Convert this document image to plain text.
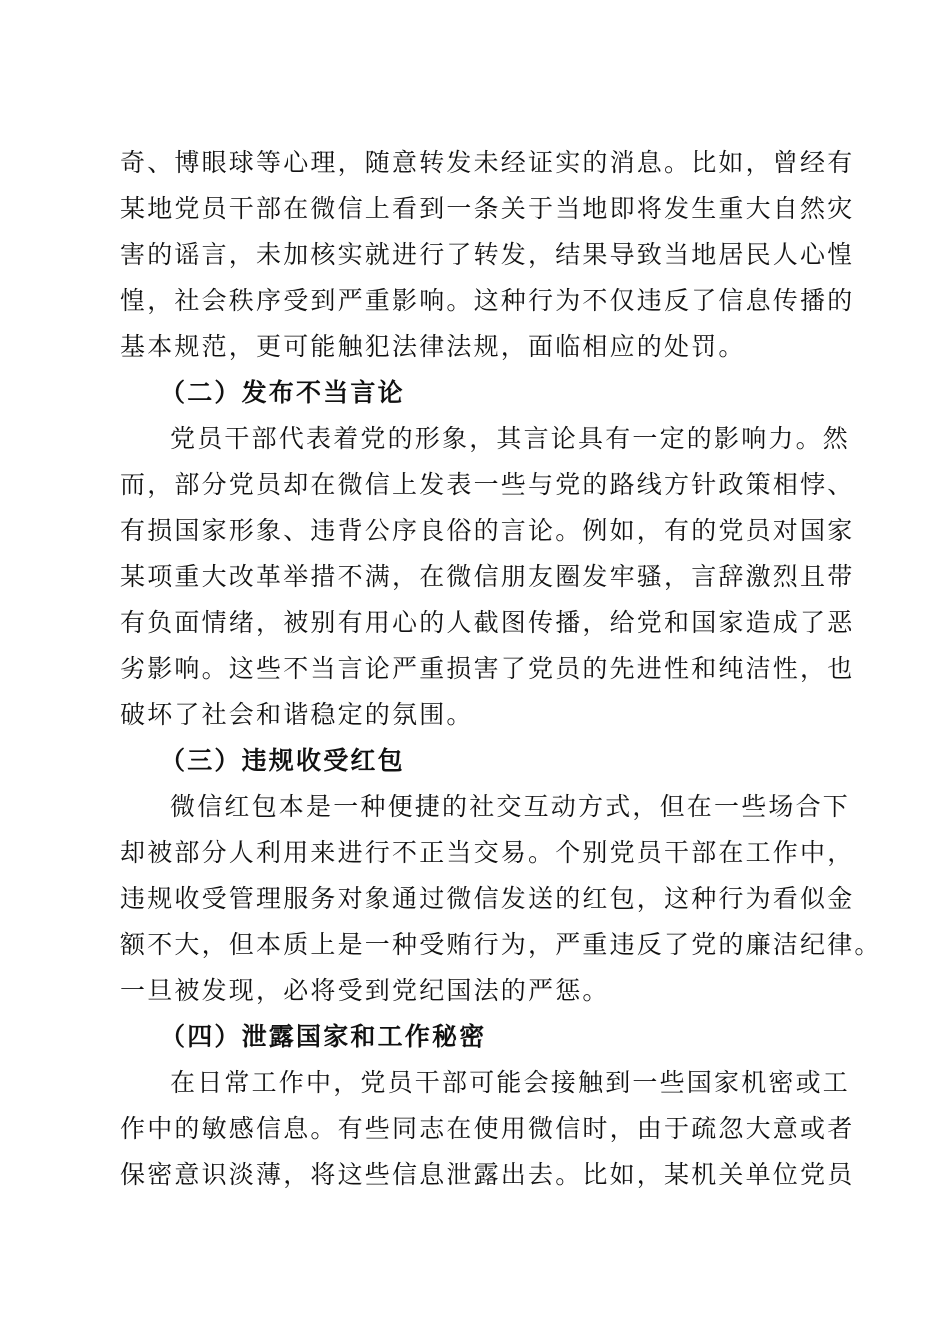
奇、博眼球等心理，随意转发未经证实的消息。比如，曾经有
某地党员干部在微信上看到一条关于当地即将发生重大自然灾
害的谣言，未加核实就进行了转发，结果导致当地居民人心惶
惶，社会秩序受到严重影响。这种行为不仅违反了信息传播的
基本规范，更可能触犯法律法规，面临相应的处罚。
（二）发布不当言论
党员干部代表着党的形象，其言论具有一定的影响力。然
而，部分党员却在微信上发表一些与党的路线方针政策相悖、
有损国家形象、违背公序良俗的言论。例如，有的党员对国家
某项重大改革举措不满，在微信朋友圈发牢骚，言辞激烈且带
有负面情绪，被别有用心的人截图传播，给党和国家造成了恶
劣影响。这些不当言论严重损害了党员的先进性和纯洁性，也
破坏了社会和谐稳定的氛围。
（三）违规收受红包
微信红包本是一种便捷的社交互动方式，但在一些场合下
却被部分人利用来进行不正当交易。个别党员干部在工作中，
违规收受管理服务对象通过微信发送的红包，这种行为看似金
额不大，但本质上是一种受贿行为，严重违反了党的廉洁纪律。
一旦被发现，必将受到党纪国法的严惩。
（四）泄露国家和工作秘密
在日常工作中，党员干部可能会接触到一些国家机密或工
作中的敏感信息。有些同志在使用微信时，由于疏忽大意或者
保密意识淡薄，将这些信息泄露出去。比如，某机关单位党员
